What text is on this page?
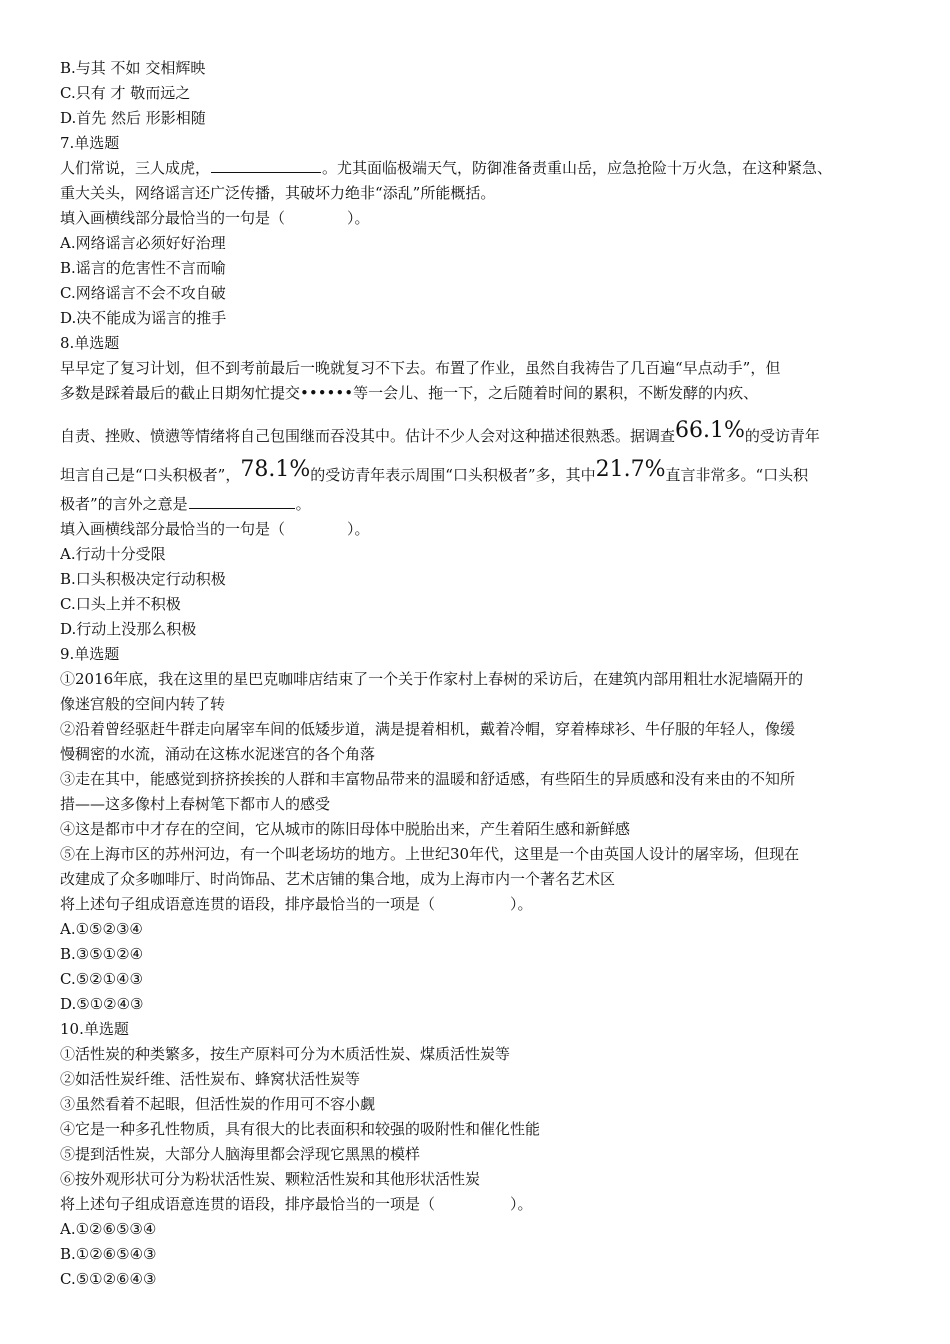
B.与其 不如 交相辉映
C.只有 才 敬而远之
D.首先 然后 形影相随
7.单选题
人们常说，三人成虎，	。尤其面临极端天气，防御准备责重山岳，应急抢险十万火急，在这种紧急、
重大关头，网络谣言还广泛传播，其破坏力绝非“添乱”所能概括。
填入画横线部分最恰当的一句是（	）。
A.网络谣言必须好好治理
B.谣言的危害性不言而喻
C.网络谣言不会不攻自破
D.决不能成为谣言的推手
8.单选题
早早定了复习计划，但不到考前最后一晚就复习不下去。布置了作业，虽然自我祷告了几百遍“早点动手”，但
多数是踩着最后的截止日期匆忙提交••••••等一会儿、拖一下，之后随着时间的累积，不断发酵的内疚、
自责、挫败、愤懑等情绪将自己包围继而吞没其中。估计不少人会对这种描述很熟悉。据调查66.1%的受访青年
坦言自己是“口头积极者”，78.1%的受访青年表示周围“口头积极者”多，其中21.7%直言非常多。“口头积
极者”的言外之意是	。
填入画横线部分最恰当的一句是（	）。
A.行动十分受限
B.口头积极决定行动积极
C.口头上并不积极
D.行动上没那么积极
9.单选题
①2016年底，我在这里的星巴克咖啡店结束了一个关于作家村上春树的采访后，在建筑内部用粗壮水泥墙隔开的
像迷宫般的空间内转了转
②沿着曾经驱赶牛群走向屠宰车间的低矮步道，满是提着相机，戴着冷帽，穿着棒球衫、牛仔服的年轻人，像缓
慢稠密的水流，涌动在这栋水泥迷宫的各个角落
③走在其中，能感觉到挤挤挨挨的人群和丰富物品带来的温暖和舒适感，有些陌生的异质感和没有来由的不知所
措——这多像村上春树笔下都市人的感受
④这是都市中才存在的空间，它从城市的陈旧母体中脱胎出来，产生着陌生感和新鲜感
⑤在上海市区的苏州河边，有一个叫老场坊的地方。上世纪30年代，这里是一个由英国人设计的屠宰场，但现在
改建成了众多咖啡厅、时尚饰品、艺术店铺的集合地，成为上海市内一个著名艺术区
将上述句子组成语意连贯的语段，排序最恰当的一项是（	）。
A.①⑤②③④
B.③⑤①②④
C.⑤②①④③
D.⑤①②④③
10.单选题
①活性炭的种类繁多，按生产原料可分为木质活性炭、煤质活性炭等
②如活性炭纤维、活性炭布、蜂窝状活性炭等
③虽然看着不起眼，但活性炭的作用可不容小觑
④它是一种多孔性物质，具有很大的比表面积和较强的吸附性和催化性能
⑤提到活性炭，大部分人脑海里都会浮现它黑黑的模样
⑥按外观形状可分为粉状活性炭、颗粒活性炭和其他形状活性炭
将上述句子组成语意连贯的语段，排序最恰当的一项是（	）。
A.①②⑥⑤③④
B.①②⑥⑤④③
C.⑤①②⑥④③
